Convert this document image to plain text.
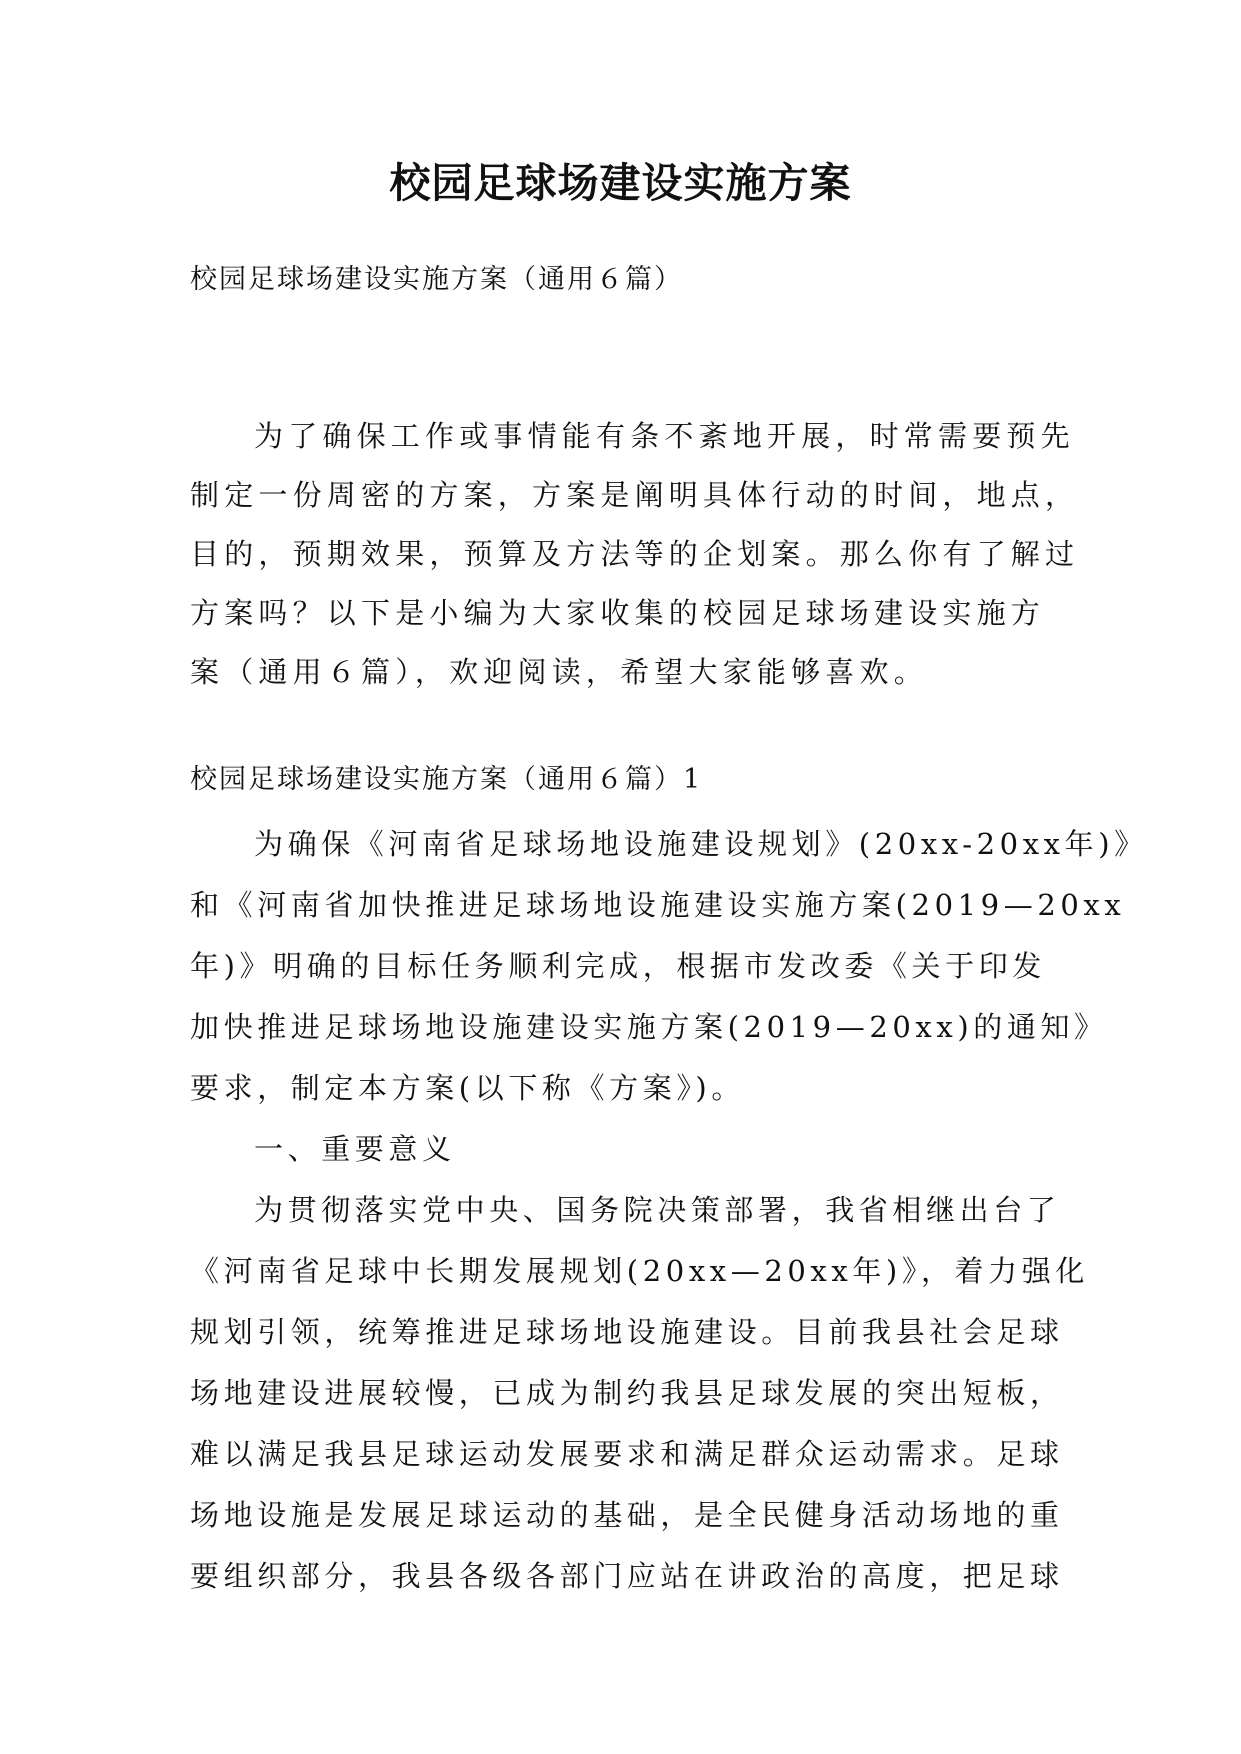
校园足球场建设实施方案

校园足球场建设实施方案（通用６篇）

为了确保工作或事情能有条不紊地开展，时常需要预先
制定一份周密的方案，方案是阐明具体行动的时间，地点，
目的，预期效果，预算及方法等的企划案。那么你有了解过
方案吗？以下是小编为大家收集的校园足球场建设实施方
案（通用６篇），欢迎阅读，希望大家能够喜欢。

校园足球场建设实施方案（通用６篇）1

为确保《河南省足球场地设施建设规划》(20xx-20xx年)》
和《河南省加快推进足球场地设施建设实施方案(2019—20xx
年)》明确的目标任务顺利完成，根据市发改委《关于印发
加快推进足球场地设施建设实施方案(2019—20xx)的通知》
要求，制定本方案(以下称《方案》)。
一、重要意义
为贯彻落实党中央、国务院决策部署，我省相继出台了
《河南省足球中长期发展规划(20xx—20xx年)》，着力强化
规划引领，统筹推进足球场地设施建设。目前我县社会足球
场地建设进展较慢，已成为制约我县足球发展的突出短板，
难以满足我县足球运动发展要求和满足群众运动需求。足球
场地设施是发展足球运动的基础，是全民健身活动场地的重
要组织部分，我县各级各部门应站在讲政治的高度，把足球
